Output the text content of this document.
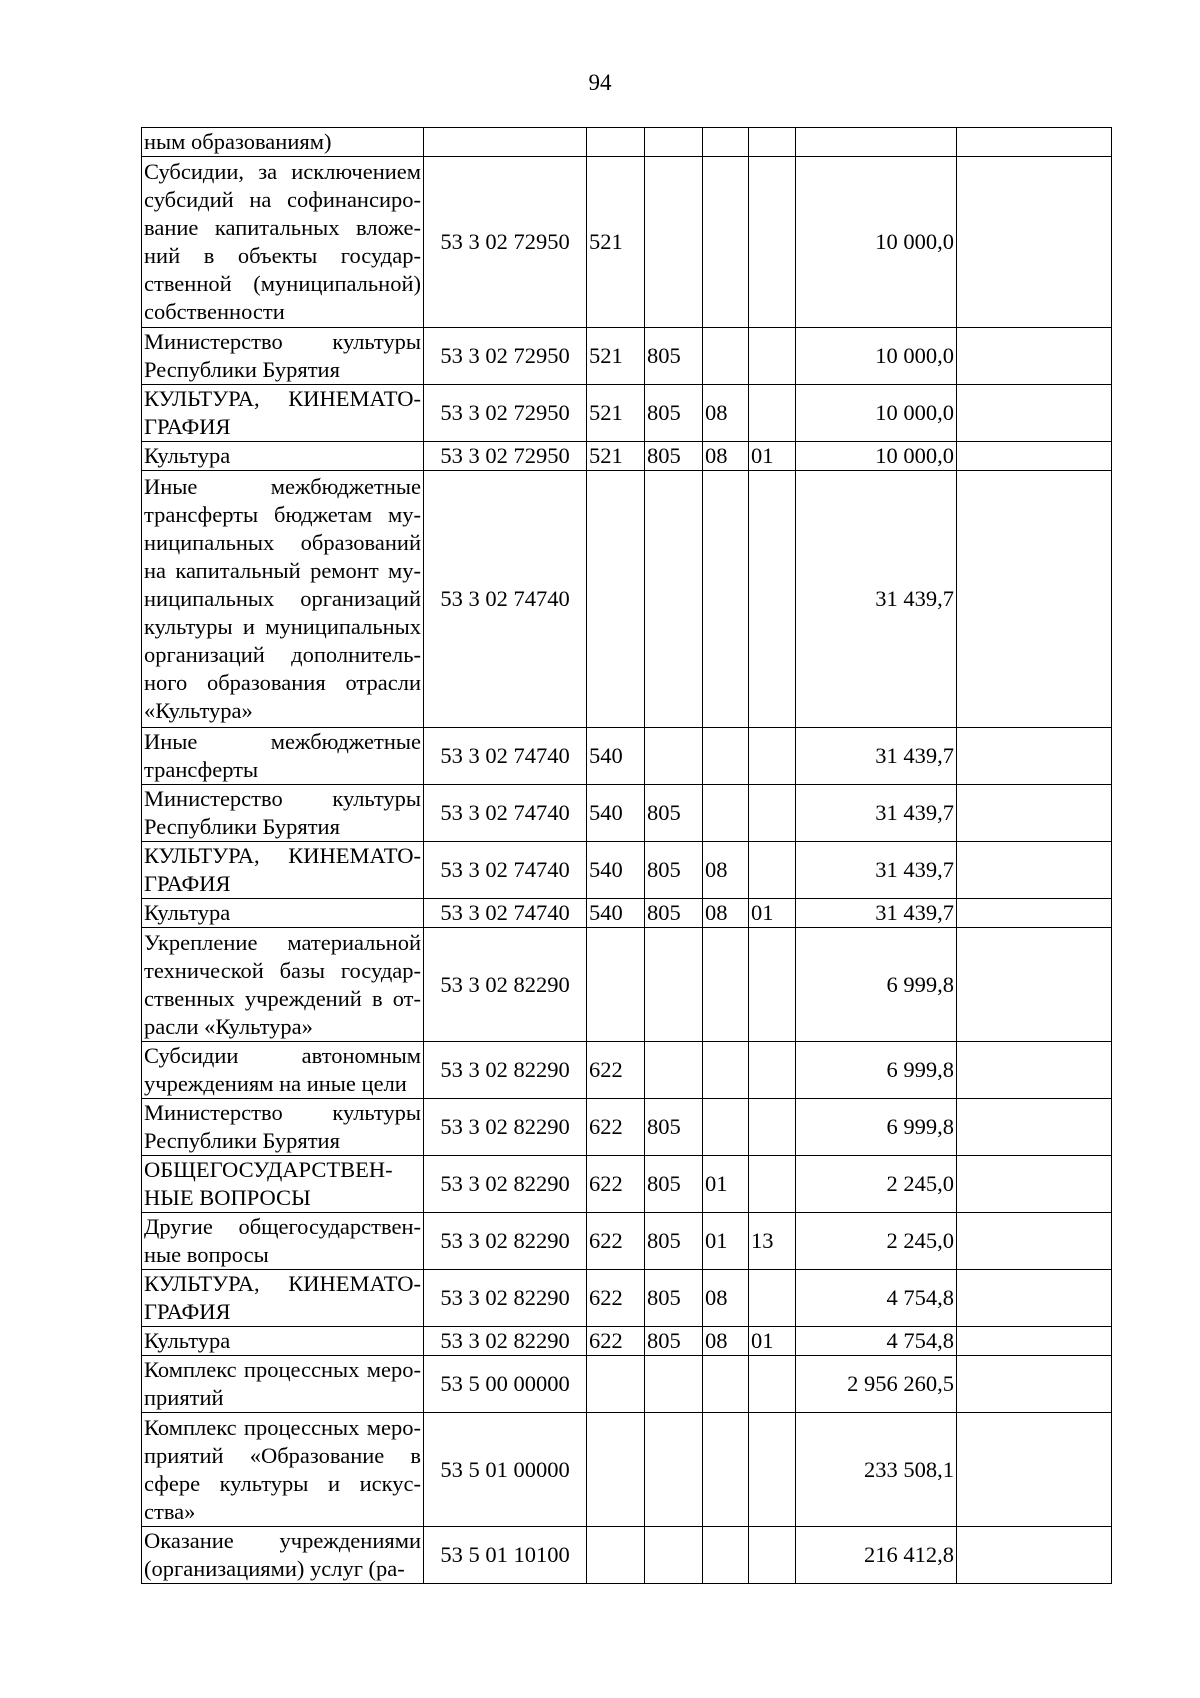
94
ным образованиям)							
Субсидии, за исключением субсидий на софинансиро-вание капитальных вложе-ний в объекты государ-ственной (муниципальной) собственности	53 3 02 72950	521				10 000,0	
Министерство культуры Республики Бурятия	53 3 02 72950	521	805			10 000,0	
КУЛЬТУРА, КИНЕМАТО-ГРАФИЯ	53 3 02 72950	521	805	08		10 000,0	
Культура	53 3 02 72950	521	805	08	01	10 000,0	
Иные межбюджетные трансферты бюджетам му-ниципальных образований на капитальный ремонт му-ниципальных организаций культуры и муниципальных организаций дополнитель-ного образования отрасли «Культура»	53 3 02 74740					31 439,7	
Иные межбюджетные трансферты	53 3 02 74740	540				31 439,7	
Министерство культуры Республики Бурятия	53 3 02 74740	540	805			31 439,7	
КУЛЬТУРА, КИНЕМАТО-ГРАФИЯ	53 3 02 74740	540	805	08		31 439,7	
Культура	53 3 02 74740	540	805	08	01	31 439,7	
Укрепление материальной технической базы государ-ственных учреждений в от-расли «Культура»	53 3 02 82290					6 999,8	
Субсидии автономным учреждениям на иные цели	53 3 02 82290	622				6 999,8	
Министерство культуры Республики Бурятия	53 3 02 82290	622	805			6 999,8	
ОБЩЕГОСУДАРСТВЕН-НЫЕ ВОПРОСЫ	53 3 02 82290	622	805	01		2 245,0	
Другие общегосударствен-ные вопросы	53 3 02 82290	622	805	01	13	2 245,0	
КУЛЬТУРА, КИНЕМАТО-ГРАФИЯ	53 3 02 82290	622	805	08		4 754,8	
Культура	53 3 02 82290	622	805	08	01	4 754,8	
Комплекс процессных меро-приятий	53 5 00 00000					2 956 260,5	
Комплекс процессных меро-приятий «Образование в сфере культуры и искус-ства»	53 5 01 00000					233 508,1	
Оказание учреждениями (организациями) услуг (ра-	53 5 01 10100					216 412,8	
